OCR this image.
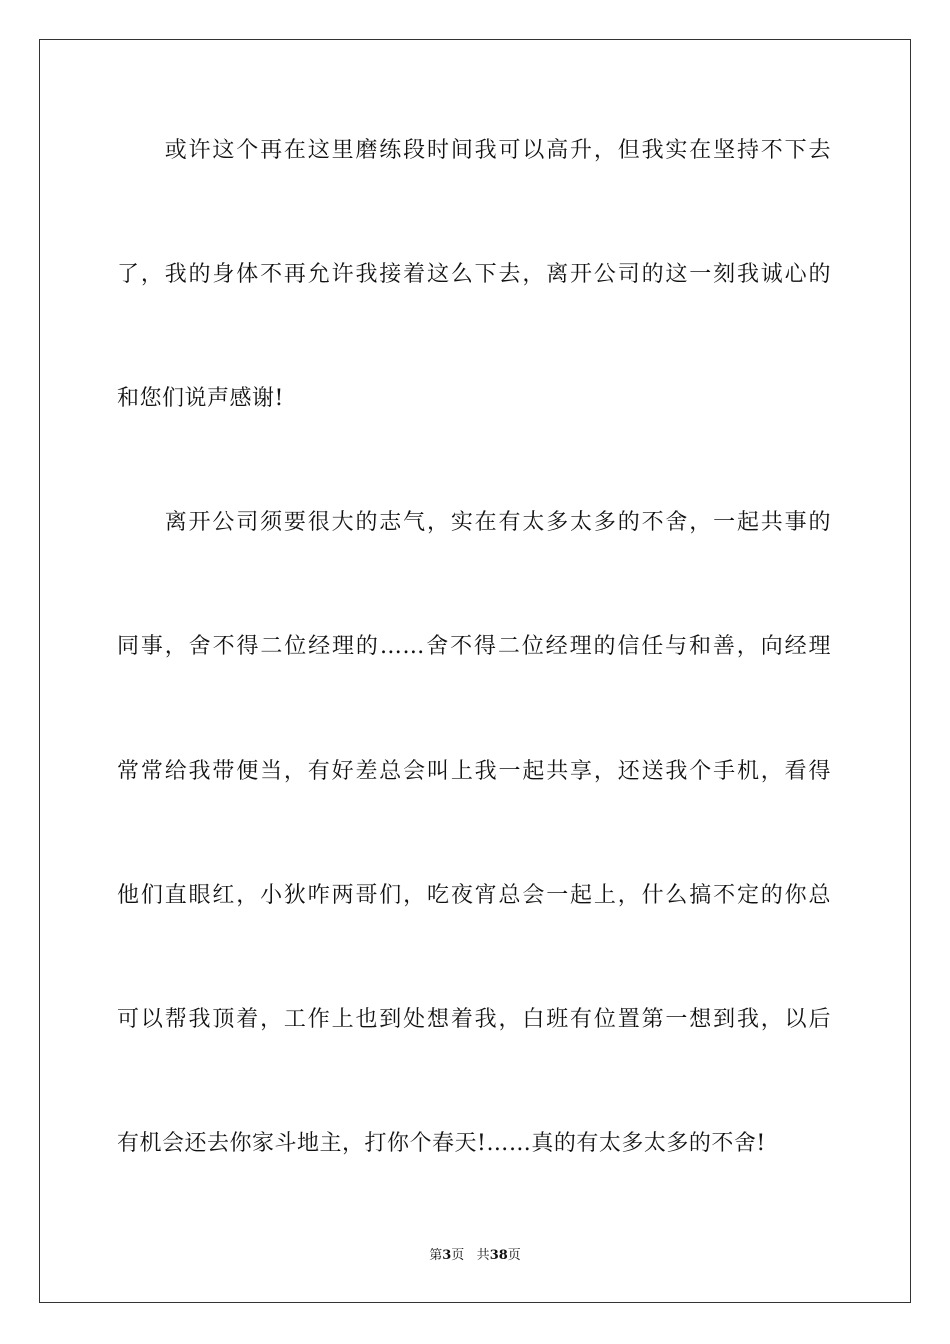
　　或许这个再在这里磨练段时间我可以高升，但我实在坚持不下去
了，我的身体不再允许我接着这么下去，离开公司的这一刻我诚心的
和您们说声感谢!
　　离开公司须要很大的志气，实在有太多太多的不舍，一起共事的
同事，舍不得二位经理的……舍不得二位经理的信任与和善，向经理
常常给我带便当，有好差总会叫上我一起共享，还送我个手机，看得
他们直眼红，小狄咋两哥们，吃夜宵总会一起上，什么搞不定的你总
可以帮我顶着，工作上也到处想着我，白班有位置第一想到我，以后
有机会还去你家斗地主，打你个春天!……真的有太多太多的不舍!
第3页 共38页
